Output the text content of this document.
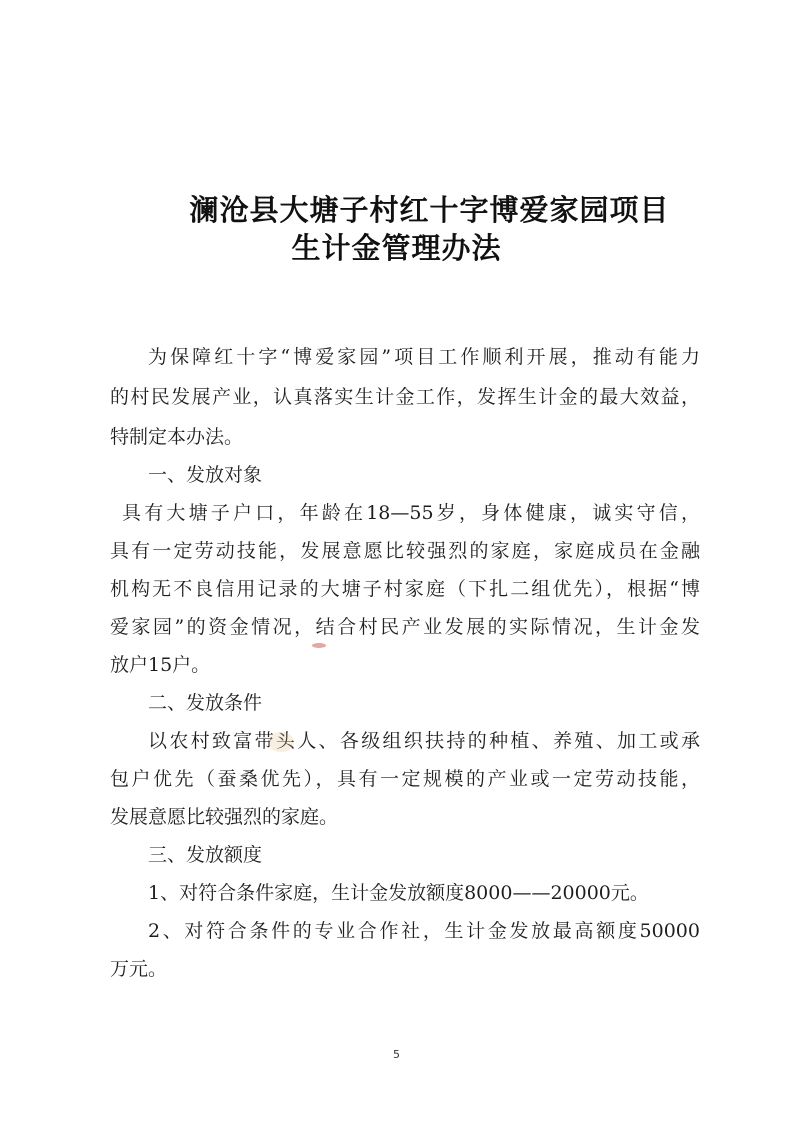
澜沧县大塘子村红十字博爱家园项目
生计金管理办法
为保障红十字“博爱家园”项目工作顺利开展，推动有能力
的村民发展产业，认真落实生计金工作，发挥生计金的最大效益，
特制定本办法。
一、发放对象
具有大塘子户口，年龄在18—55岁，身体健康，诚实守信，
具有一定劳动技能，发展意愿比较强烈的家庭，家庭成员在金融
机构无不良信用记录的大塘子村家庭（下扎二组优先），根据“博
爱家园”的资金情况，结合村民产业发展的实际情况，生计金发
放户15户。
二、发放条件
以农村致富带头人、各级组织扶持的种植、养殖、加工或承
包户优先（蚕桑优先），具有一定规模的产业或一定劳动技能，
发展意愿比较强烈的家庭。
三、发放额度
1、对符合条件家庭，生计金发放额度8000——20000元。
2、对符合条件的专业合作社，生计金发放最高额度50000
万元。
5
